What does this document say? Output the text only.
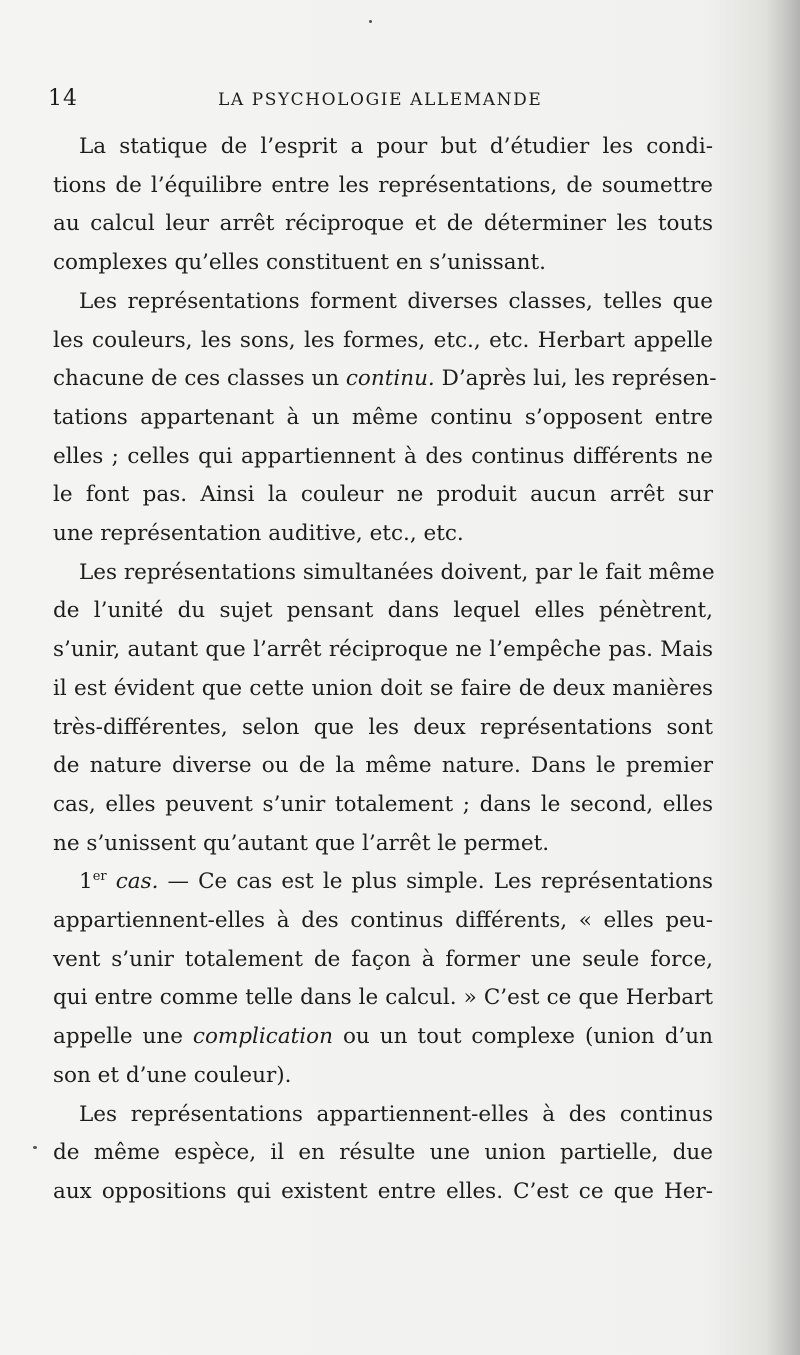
14	LA PSYCHOLOGIE ALLEMANDE
La statique de l’esprit a pour but d’étudier les condi-
tions de l’équilibre entre les représentations, de soumettre
au calcul leur arrêt réciproque et de déterminer les touts
complexes qu’elles constituent en s’unissant.
Les représentations forment diverses classes, telles que
les couleurs, les sons, les formes, etc., etc. Herbart appelle
chacune de ces classes un continu. D’après lui, les représen-
tations appartenant à un même continu s’opposent entre
elles ; celles qui appartiennent à des continus différents ne
le font pas. Ainsi la couleur ne produit aucun arrêt sur
une représentation auditive, etc., etc.
Les représentations simultanées doivent, par le fait même
de l’unité du sujet pensant dans lequel elles pénètrent,
s’unir, autant que l’arrêt réciproque ne l’empêche pas. Mais
il est évident que cette union doit se faire de deux manières
très-différentes, selon que les deux représentations sont
de nature diverse ou de la même nature. Dans le premier
cas, elles peuvent s’unir totalement ; dans le second, elles
ne s’unissent qu’autant que l’arrêt le permet.
1er cas. — Ce cas est le plus simple. Les représentations
appartiennent-elles à des continus différents, « elles peu-
vent s’unir totalement de façon à former une seule force,
qui entre comme telle dans le calcul. » C’est ce que Herbart
appelle une complication ou un tout complexe (union d’un
son et d’une couleur).
Les représentations appartiennent-elles à des continus
de même espèce, il en résulte une union partielle, due
aux oppositions qui existent entre elles. C’est ce que Her-
